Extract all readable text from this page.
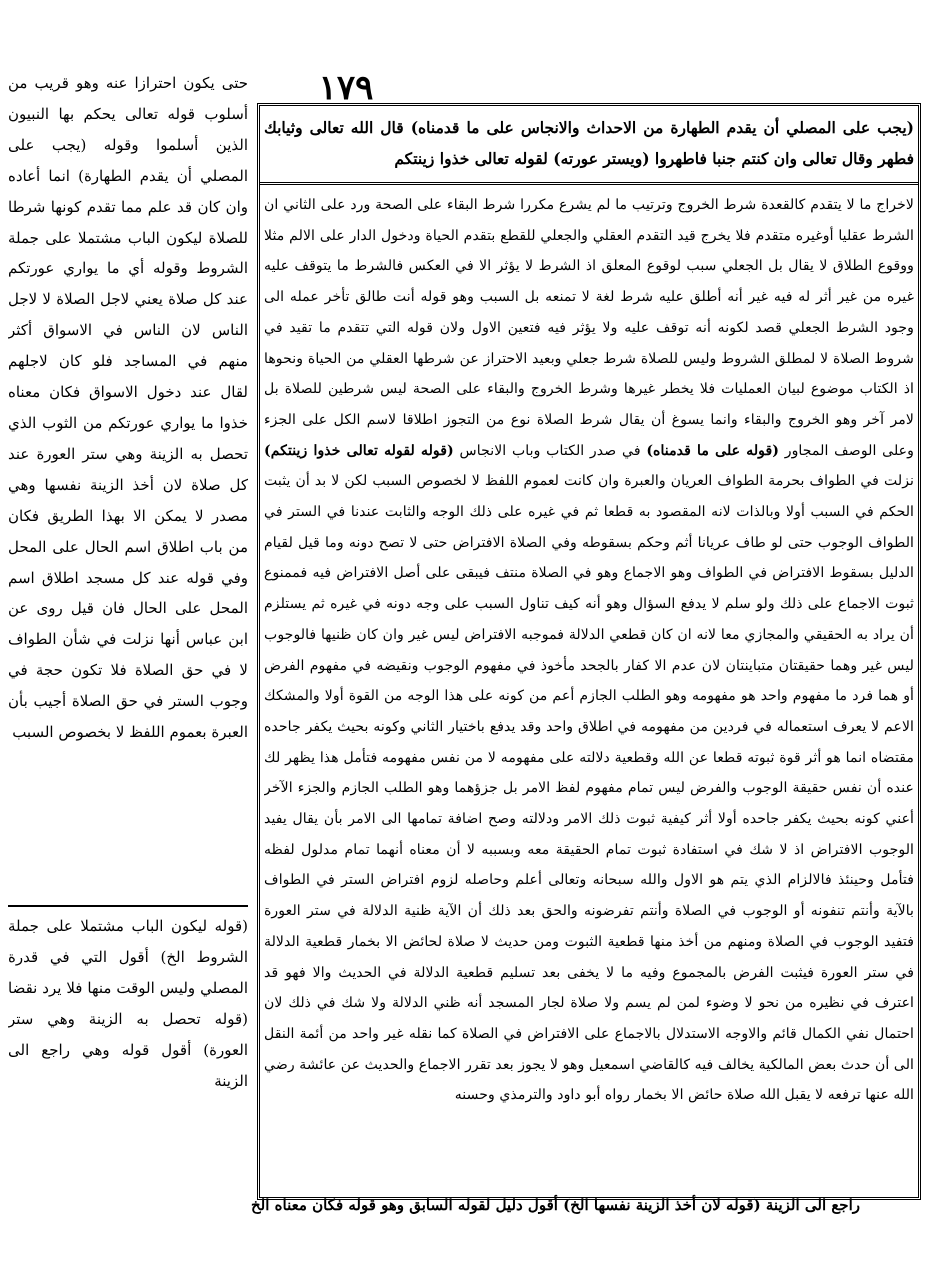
١٧٩
(يجب على المصلي أن يقدم الطهارة من الاحداث والانجاس على ما قدمناه) قال الله تعالى وثيابك فطهر وقال تعالى وان كنتم جنبا فاطهروا (ويستر عورته) لقوله تعالى خذوا زينتكم
لاخراج ما لا يتقدم كالقعدة شرط الخروج وترتيب ما لم يشرع مكررا شرط البقاء على الصحة ورد على الثاني ان الشرط عقليا أوغيره متقدم فلا يخرج قيد التقدم العقلي والجعلي للقطع بتقدم الحياة ودخول الدار على الالم مثلا ووقوع الطلاق لا يقال بل الجعلي سبب لوقوع المعلق اذ الشرط لا يؤثر الا في العكس فالشرط ما يتوقف عليه غيره من غير أثر له فيه غير أنه أطلق عليه شرط لغة لا تمنعه بل السبب وهو قوله أنت طالق تأخر عمله الى وجود الشرط الجعلي قصد لكونه أنه توقف عليه ولا يؤثر فيه فتعين الاول ولان قوله التي تتقدم ما تقيد في شروط الصلاة لا لمطلق الشروط وليس للصلاة شرط جعلي وبعيد الاحتراز عن شرطها العقلي من الحياة ونحوها اذ الكتاب موضوع لبيان العمليات فلا يخطر غيرها وشرط الخروج والبقاء على الصحة ليس شرطين للصلاة بل لامر آخر وهو الخروج والبقاء وانما يسوغ أن يقال شرط الصلاة نوع من التجوز اطلاقا لاسم الكل على الجزء وعلى الوصف المجاور (قوله على ما قدمناه) في صدر الكتاب وباب الانجاس (قوله لقوله تعالى خذوا زينتكم) نزلت في الطواف بحرمة الطواف العريان والعبرة وان كانت لعموم اللفظ لا لخصوص السبب لكن لا بد أن يثبت الحكم في السبب أولا وبالذات لانه المقصود به قطعا ثم في غيره على ذلك الوجه والثابت عندنا في الستر في الطواف الوجوب حتى لو طاف عريانا أثم وحكم بسقوطه وفي الصلاة الافتراض حتى لا تصح دونه وما قيل لقيام الدليل بسقوط الافتراض في الطواف وهو الاجماع وهو في الصلاة منتف فيبقى على أصل الافتراض فيه فممنوع ثبوت الاجماع على ذلك ولو سلم لا يدفع السؤال وهو أنه كيف تناول السبب على وجه دونه في غيره ثم يستلزم أن يراد به الحقيقي والمجازي معا لانه ان كان قطعي الدلالة فموجبه الافتراض ليس غير وان كان ظنيها فالوجوب ليس غير وهما حقيقتان متباينتان لان عدم الا كفار بالجحد مأخوذ في مفهوم الوجوب ونقيضه في مفهوم الفرض أو هما فرد ما مفهوم واحد هو مفهومه وهو الطلب الجازم أعم من كونه على هذا الوجه من القوة أولا والمشكك الاعم لا يعرف استعماله في فردين من مفهومه في اطلاق واحد وقد يدفع باختيار الثاني وكونه بحيث يكفر جاحده مقتضاه انما هو أثر قوة ثبوته قطعا عن الله وقطعية دلالته على مفهومه لا من نفس مفهومه فتأمل هذا يظهر لك عنده أن نفس حقيقة الوجوب والفرض ليس تمام مفهوم لفظ الامر بل جزؤهما وهو الطلب الجازم والجزء الآخر أعني كونه بحيث يكفر جاحده أولا أثر كيفية ثبوت ذلك الامر ودلالته وصح اضافة تمامها الى الامر بأن يقال يفيد الوجوب الافتراض اذ لا شك في استفادة ثبوت تمام الحقيقة معه وبسببه لا أن معناه أنهما تمام مدلول لفظه فتأمل وحينئذ فالالزام الذي يتم هو الاول والله سبحانه وتعالى أعلم وحاصله لزوم افتراض الستر في الطواف بالآية وأنتم تنفونه أو الوجوب في الصلاة وأنتم تفرضونه والحق بعد ذلك أن الآية ظنية الدلالة في ستر العورة فتفيد الوجوب في الصلاة ومنهم من أخذ منها قطعية الثبوت ومن حديث لا صلاة لحائض الا بخمار قطعية الدلالة في ستر العورة فيثبت الفرض بالمجموع وفيه ما لا يخفى بعد تسليم قطعية الدلالة في الحديث والا فهو قد اعترف في نظيره من نحو لا وضوء لمن لم يسم ولا صلاة لجار المسجد أنه ظني الدلالة ولا شك في ذلك لان احتمال نفي الكمال قائم والاوجه الاستدلال بالاجماع على الافتراض في الصلاة كما نقله غير واحد من أئمة النقل الى أن حدث بعض المالكية يخالف فيه كالقاضي اسمعيل وهو لا يجوز بعد تقرر الاجماع والحديث عن عائشة رضي الله عنها ترفعه لا يقبل الله صلاة حائض الا بخمار رواه أبو داود والترمذي وحسنه
حتى يكون احترازا عنه وهو قريب من أسلوب قوله تعالى يحكم بها النبيون الذين أسلموا وقوله (يجب على المصلي أن يقدم الطهارة) انما أعاده وان كان قد علم مما تقدم كونها شرطا للصلاة ليكون الباب مشتملا على جملة الشروط وقوله أي ما يواري عورتكم عند كل صلاة يعني لاجل الصلاة لا لاجل الناس لان الناس في الاسواق أكثر منهم في المساجد فلو كان لاجلهم لقال عند دخول الاسواق فكان معناه خذوا ما يواري عورتكم من الثوب الذي تحصل به الزينة وهي ستر العورة عند كل صلاة لان أخذ الزينة نفسها وهي مصدر لا يمكن الا بهذا الطريق فكان من باب اطلاق اسم الحال على المحل وفي قوله عند كل مسجد اطلاق اسم المحل على الحال فان قيل روى عن ابن عباس أنها نزلت في شأن الطواف لا في حق الصلاة فلا تكون حجة في وجوب الستر في حق الصلاة أجيب بأن العبرة بعموم اللفظ لا بخصوص السبب
(قوله ليكون الباب مشتملا على جملة الشروط الخ) أقول التي في قدرة المصلي وليس الوقت منها فلا يرد نقضا (قوله تحصل به الزينة وهي ستر العورة) أقول قوله وهي راجع الى الزينة
راجع الى الزينة (قوله لان أخذ الزينة نفسها الخ) أقول دليل لقوله السابق وهو قوله فكان معناه الخ
